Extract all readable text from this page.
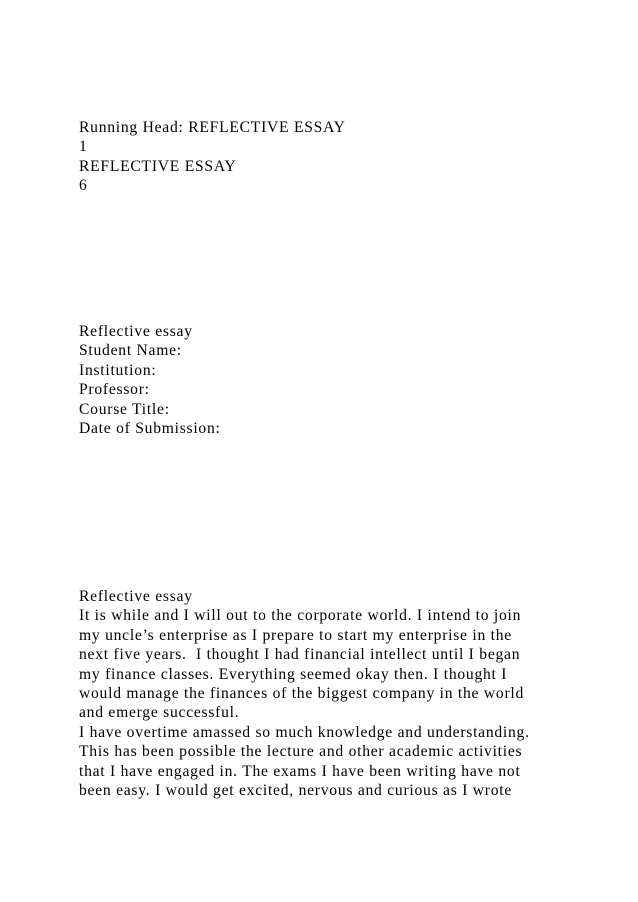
Running Head: REFLECTIVE ESSAY
1
REFLECTIVE ESSAY
6
Reflective essay
Student Name:
Institution:
Professor:
Course Title:
Date of Submission:
Reflective essay
It is while and I will out to the corporate world. I intend to join
my uncle’s enterprise as I prepare to start my enterprise in the
next five years.  I thought I had financial intellect until I began
my finance classes. Everything seemed okay then. I thought I
would manage the finances of the biggest company in the world
and emerge successful.
I have overtime amassed so much knowledge and understanding.
This has been possible the lecture and other academic activities
that I have engaged in. The exams I have been writing have not
been easy. I would get excited, nervous and curious as I wrote
